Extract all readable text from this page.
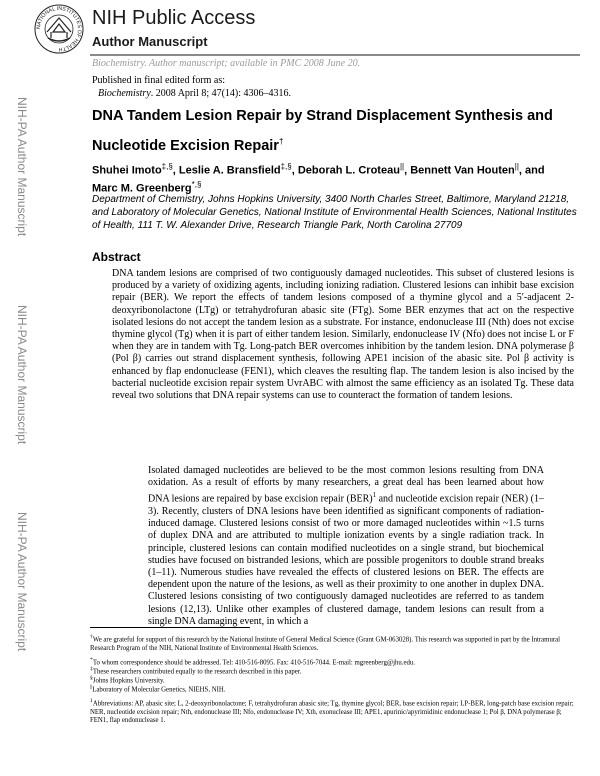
NIH-PA Author Manuscript
NIH-PA Author Manuscript
NIH-PA Author Manuscript
NATIONAL INSTITUTES OF HEALTH
NIH Public Access
Author Manuscript
Biochemistry. Author manuscript; available in PMC 2008 June 20.
Published in final edited form as:
Biochemistry. 2008 April 8; 47(14): 4306–4316.
DNA Tandem Lesion Repair by Strand Displacement Synthesis and Nucleotide Excision Repair†
Shuhei Imoto‡,§, Leslie A. Bransfield‡,§, Deborah L. Croteau||, Bennett Van Houten||, and Marc M. Greenberg*,§
Department of Chemistry, Johns Hopkins University, 3400 North Charles Street, Baltimore, Maryland 21218, and Laboratory of Molecular Genetics, National Institute of Environmental Health Sciences, National Institutes of Health, 111 T. W. Alexander Drive, Research Triangle Park, North Carolina 27709
Abstract
DNA tandem lesions are comprised of two contiguously damaged nucleotides. This subset of clustered lesions is produced by a variety of oxidizing agents, including ionizing radiation. Clustered lesions can inhibit base excision repair (BER). We report the effects of tandem lesions composed of a thymine glycol and a 5′-adjacent 2-deoxyribonolactone (LTg) or tetrahydrofuran abasic site (FTg). Some BER enzymes that act on the respective isolated lesions do not accept the tandem lesion as a substrate. For instance, endonuclease III (Nth) does not excise thymine glycol (Tg) when it is part of either tandem lesion. Similarly, endonuclease IV (Nfo) does not incise L or F when they are in tandem with Tg. Long-patch BER overcomes inhibition by the tandem lesion. DNA polymerase β (Pol β) carries out strand displacement synthesis, following APE1 incision of the abasic site. Pol β activity is enhanced by flap endonuclease (FEN1), which cleaves the resulting flap. The tandem lesion is also incised by the bacterial nucleotide excision repair system UvrABC with almost the same efficiency as an isolated Tg. These data reveal two solutions that DNA repair systems can use to counteract the formation of tandem lesions.
Isolated damaged nucleotides are believed to be the most common lesions resulting from DNA oxidation. As a result of efforts by many researchers, a great deal has been learned about how DNA lesions are repaired by base excision repair (BER)$^1$ and nucleotide excision repair (NER) (1–3). Recently, clusters of DNA lesions have been identified as significant components of radiation-induced damage. Clustered lesions consist of two or more damaged nucleotides within ~1.5 turns of duplex DNA and are attributed to multiple ionization events by a single radiation track. In principle, clustered lesions can contain modified nucleotides on a single strand, but biochemical studies have focused on bistranded lesions, which are possible progenitors to double strand breaks (1–11). Numerous studies have revealed the effects of clustered lesions on BER. The effects are dependent upon the nature of the lesions, as well as their proximity to one another in duplex DNA. Clustered lesions consisting of two contiguously damaged nucleotides are referred to as tandem lesions (12,13). Unlike other examples of clustered damage, tandem lesions can result from a single DNA damaging event, in which a
†We are grateful for support of this research by the National Institute of General Medical Science (Grant GM-063028). This research was supported in part by the Intramural Research Program of the NIH, National Institute of Environmental Health Sciences.
*To whom correspondence should be addressed. Tel: 410-516-8095. Fax: 410-516-7044. E-mail: mgreenberg@jhu.edu.
‡These researchers contributed equally to the research described in this paper.
§Johns Hopkins University.
||Laboratory of Molecular Genetics, NIEHS, NIH.
$^1$Abbreviations: AP, abasic site; L, 2-deoxyribonolactone; F, tetrahydrofuran abasic site; Tg, thymine glycol; BER, base excision repair; LP-BER, long-patch base excision repair; NER, nucleotide excision repair; Nth, endonuclease III; Nfo, endonuclease IV; Xth, exonuclease III; APE1, apurinic/apyrimidinic endonuclease 1; Pol β, DNA polymerase β; FEN1, flap endonuclease 1.
